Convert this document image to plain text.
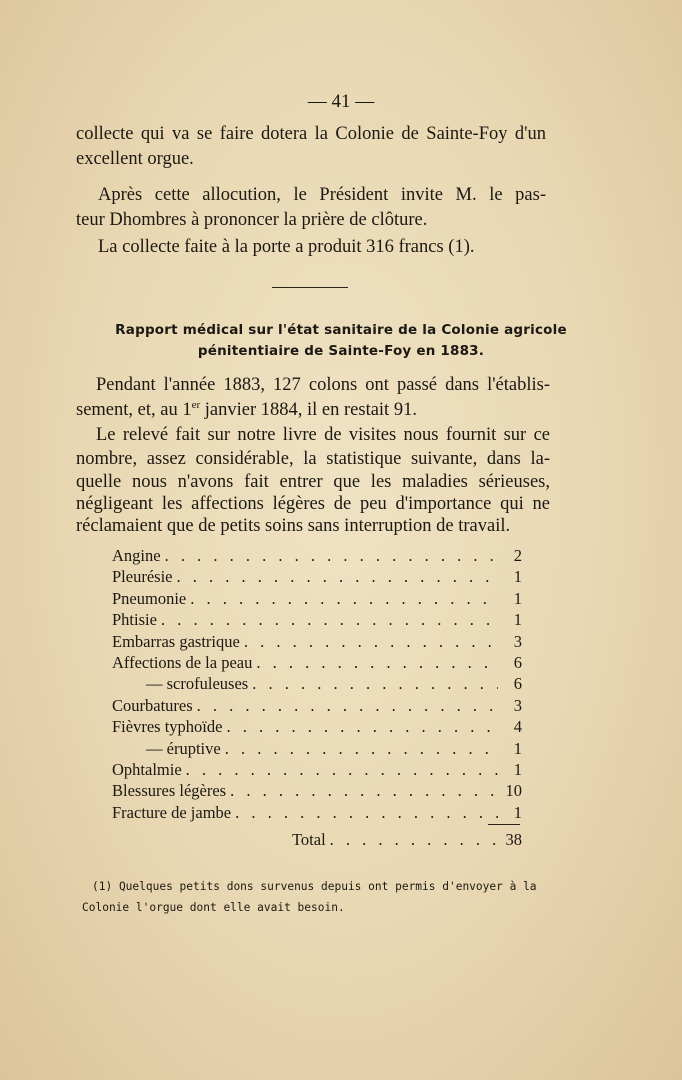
— 41 —
collecte qui va se faire dotera la Colonie de Sainte-Foy d'un
excellent orgue.
Après cette allocution, le Président invite M. le pas-
teur Dhombres à prononcer la prière de clôture.
La collecte faite à la porte a produit 316 francs (1).
Rapport médical sur l'état sanitaire de la Colonie agricole
pénitentiaire de Sainte-Foy en 1883.
Pendant l'année 1883, 127 colons ont passé dans l'établis-
sement, et, au 1er janvier 1884, il en restait 91.
Le relevé fait sur notre livre de visites nous fournit sur ce
nombre, assez considérable, la statistique suivante, dans la-
quelle nous n'avons fait entrer que les maladies sérieuses,
négligeant les affections légères de peu d'importance qui ne
réclamaient que de petits soins sans interruption de travail.
Angine . . .	2
Pleurésie . . .	1
Pneumonie . . .	1
Phtisie . . .	1
Embarras gastrique . . .	3
Affections de la peau . . .	6
— scrofuleuses . . .	6
Courbatures . . .	3
Fièvres typhoïde . . .	4
— éruptive . . .	1
Ophtalmie . . .	1
Blessures légères . . .	10
Fracture de jambe . . .	1
Total . . .	38
(1) Quelques petits dons survenus depuis ont permis d'envoyer à la
Colonie l'orgue dont elle avait besoin.
